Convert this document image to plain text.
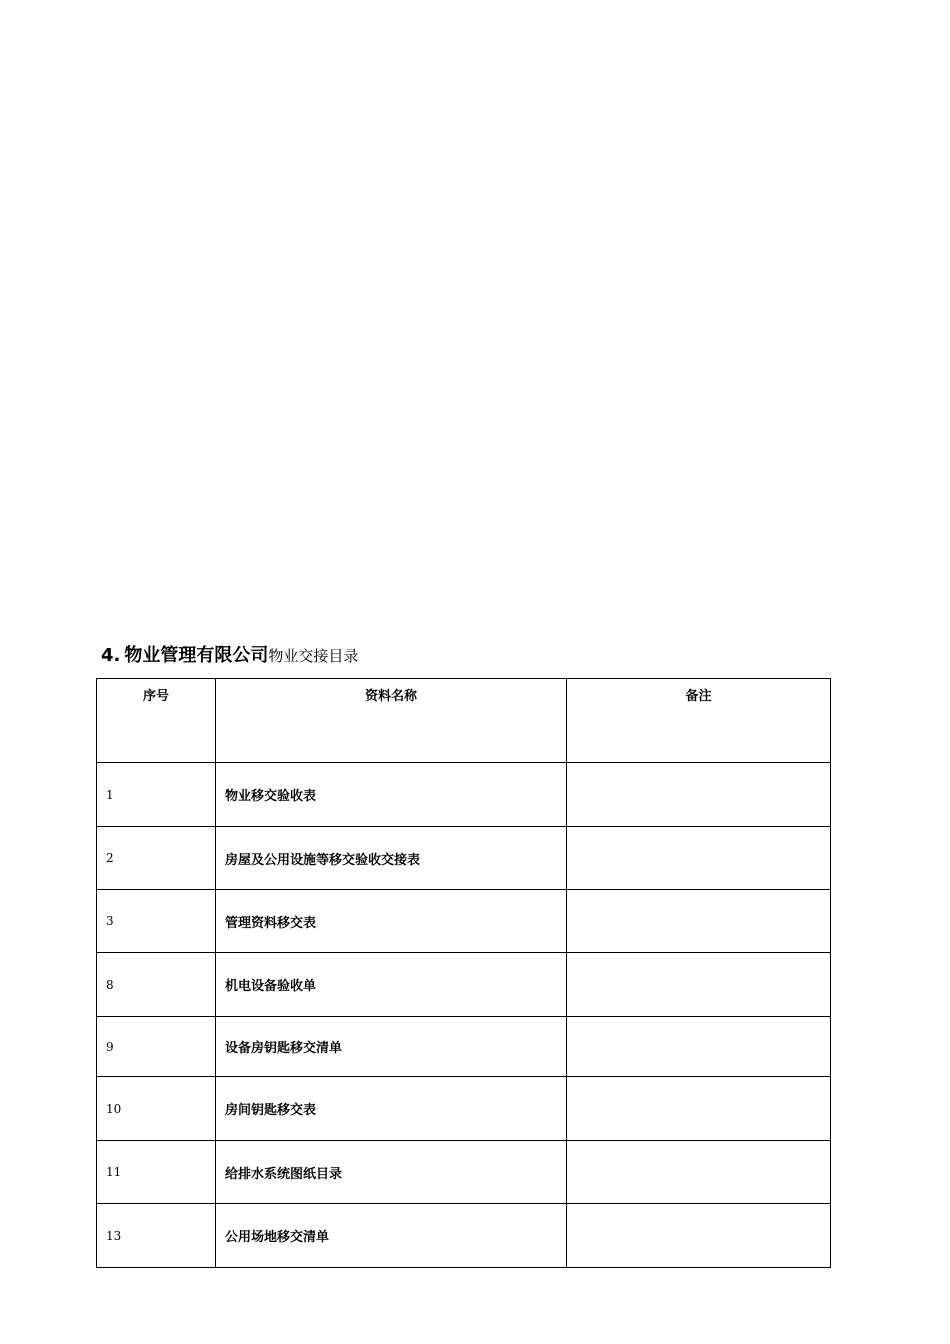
4. 物业管理有限公司物业交接目录
序号	资料名称	备注
1	物业移交验收表	
2	房屋及公用设施等移交验收交接表	
3	管理资料移交表	
8	机电设备验收单	
9	设备房钥匙移交清单	
10	房间钥匙移交表	
11	给排水系统图纸目录	
13	公用场地移交清单	
